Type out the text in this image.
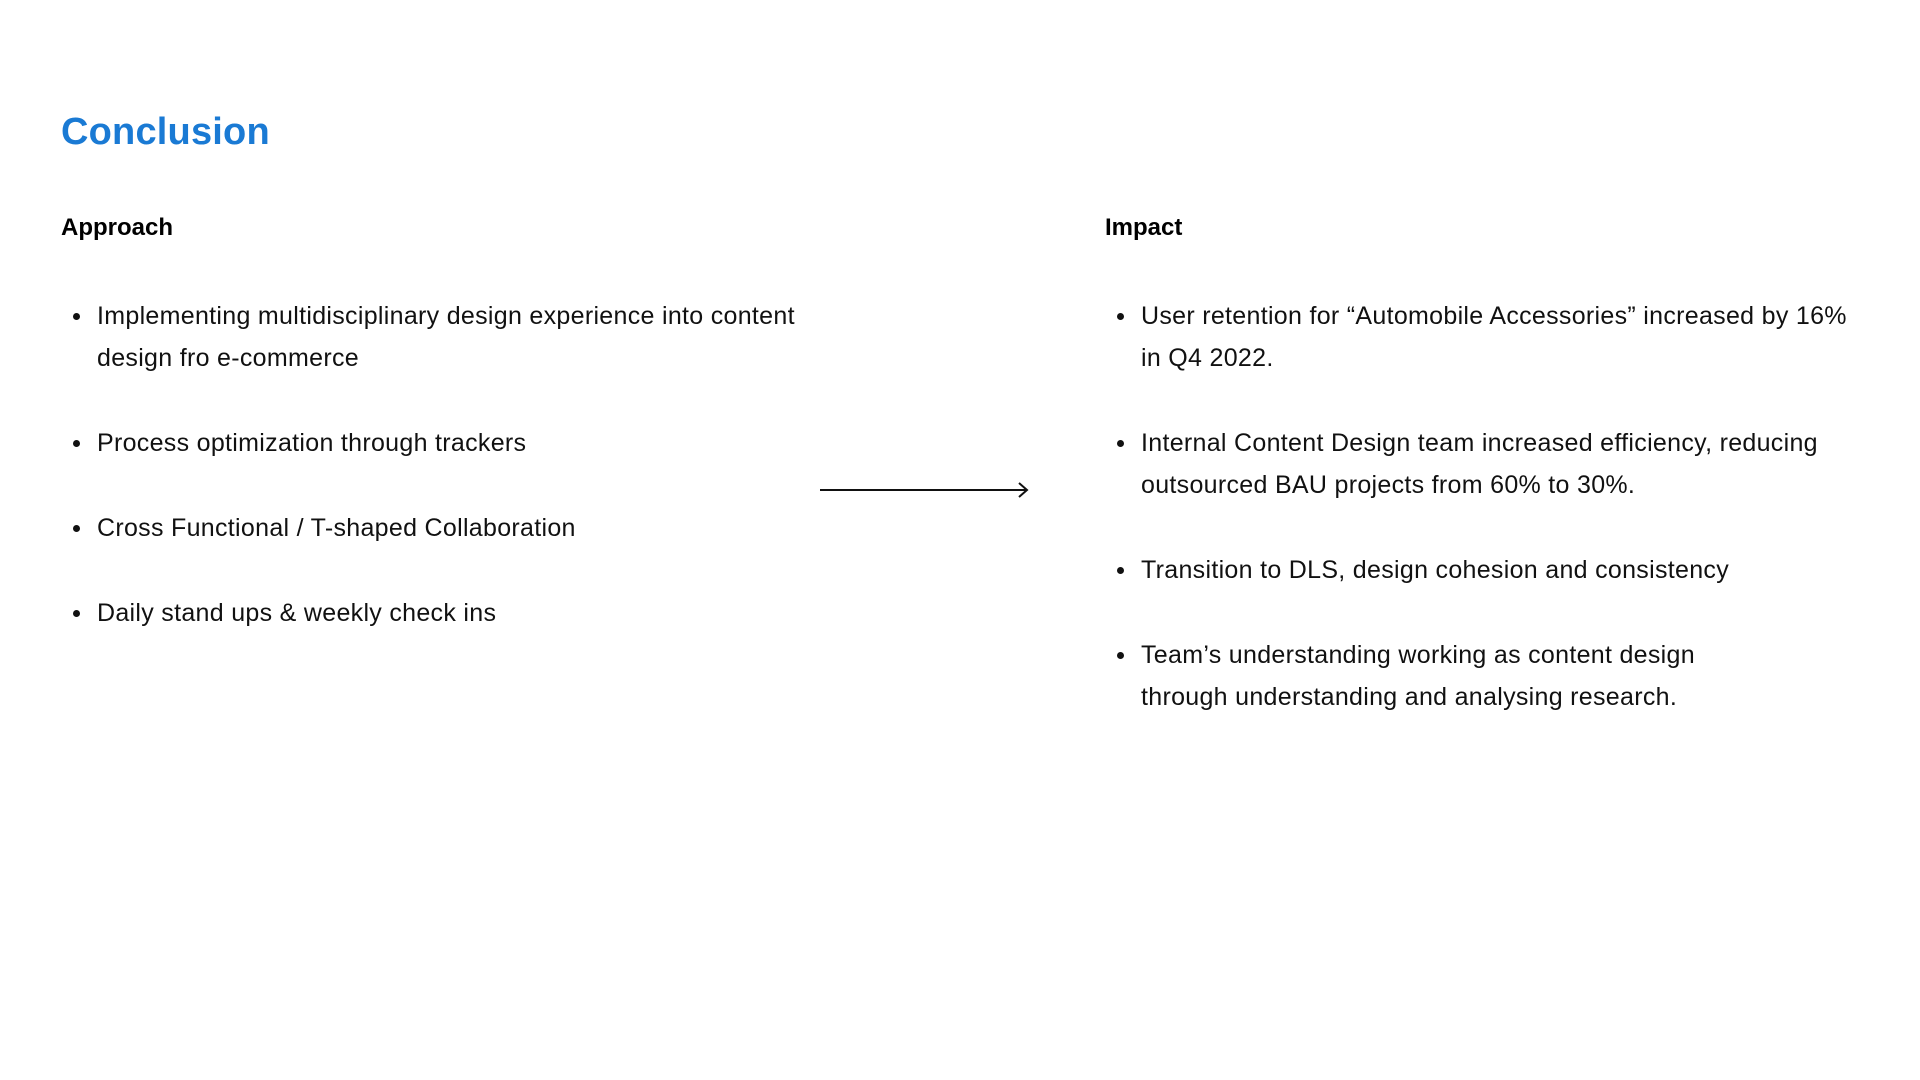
Conclusion
Approach
Implementing multidisciplinary design experience into content design fro e-commerce
Process optimization through trackers
Cross Functional / T-shaped Collaboration
Daily stand ups & weekly check ins
Impact
User retention for “Automobile Accessories” increased by 16% in Q4 2022.
Internal Content Design team increased efficiency, reducing outsourced BAU projects from 60% to 30%.
Transition to DLS, design cohesion and consistency
Team’s understanding working as content design through understanding and analysing research.
